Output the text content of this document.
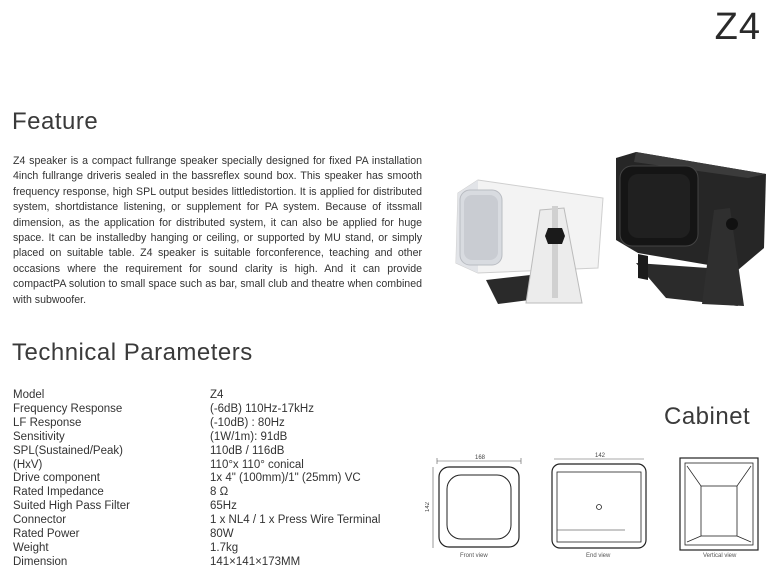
Z4
Feature
Z4 speaker is a compact fullrange speaker specially designed for fixed PA installation 4inch fullrange driveris sealed in the bassreflex sound box. This speaker has smooth frequency response, high SPL output besides littledistortion. It is applied for distributed system, shortdistance listening, or supplement for PA system. Because of itssmall dimension, as the application for distributed system, it can also be applied for huge space. It can be installedby hanging or ceiling, or supported by MU stand, or simply placed on suitable table. Z4 speaker is suitable forconference, teaching and other occasions where the requirement for sound clarity is high. And it can provide compactPA solution to small space such as bar, small club and theatre when combined with subwoofer.
Technical Parameters
Model	Z4
Frequency Response	(-6dB) 110Hz-17kHz
LF Response	(-10dB) : 80Hz
Sensitivity	(1W/1m): 91dB
SPL(Sustained/Peak)	110dB / 116dB
(HxV)	110°x 110° conical
Drive component	1x 4" (100mm)/1" (25mm) VC
Rated Impedance	8 Ω
Suited High Pass Filter	65Hz
Connector	1 x NL4 / 1 x Press Wire Terminal
Rated Power	80W
Weight	1.7kg
Dimension	141×141×173MM
Cabinet
168
142
Front view
142
End view	Vertical view
